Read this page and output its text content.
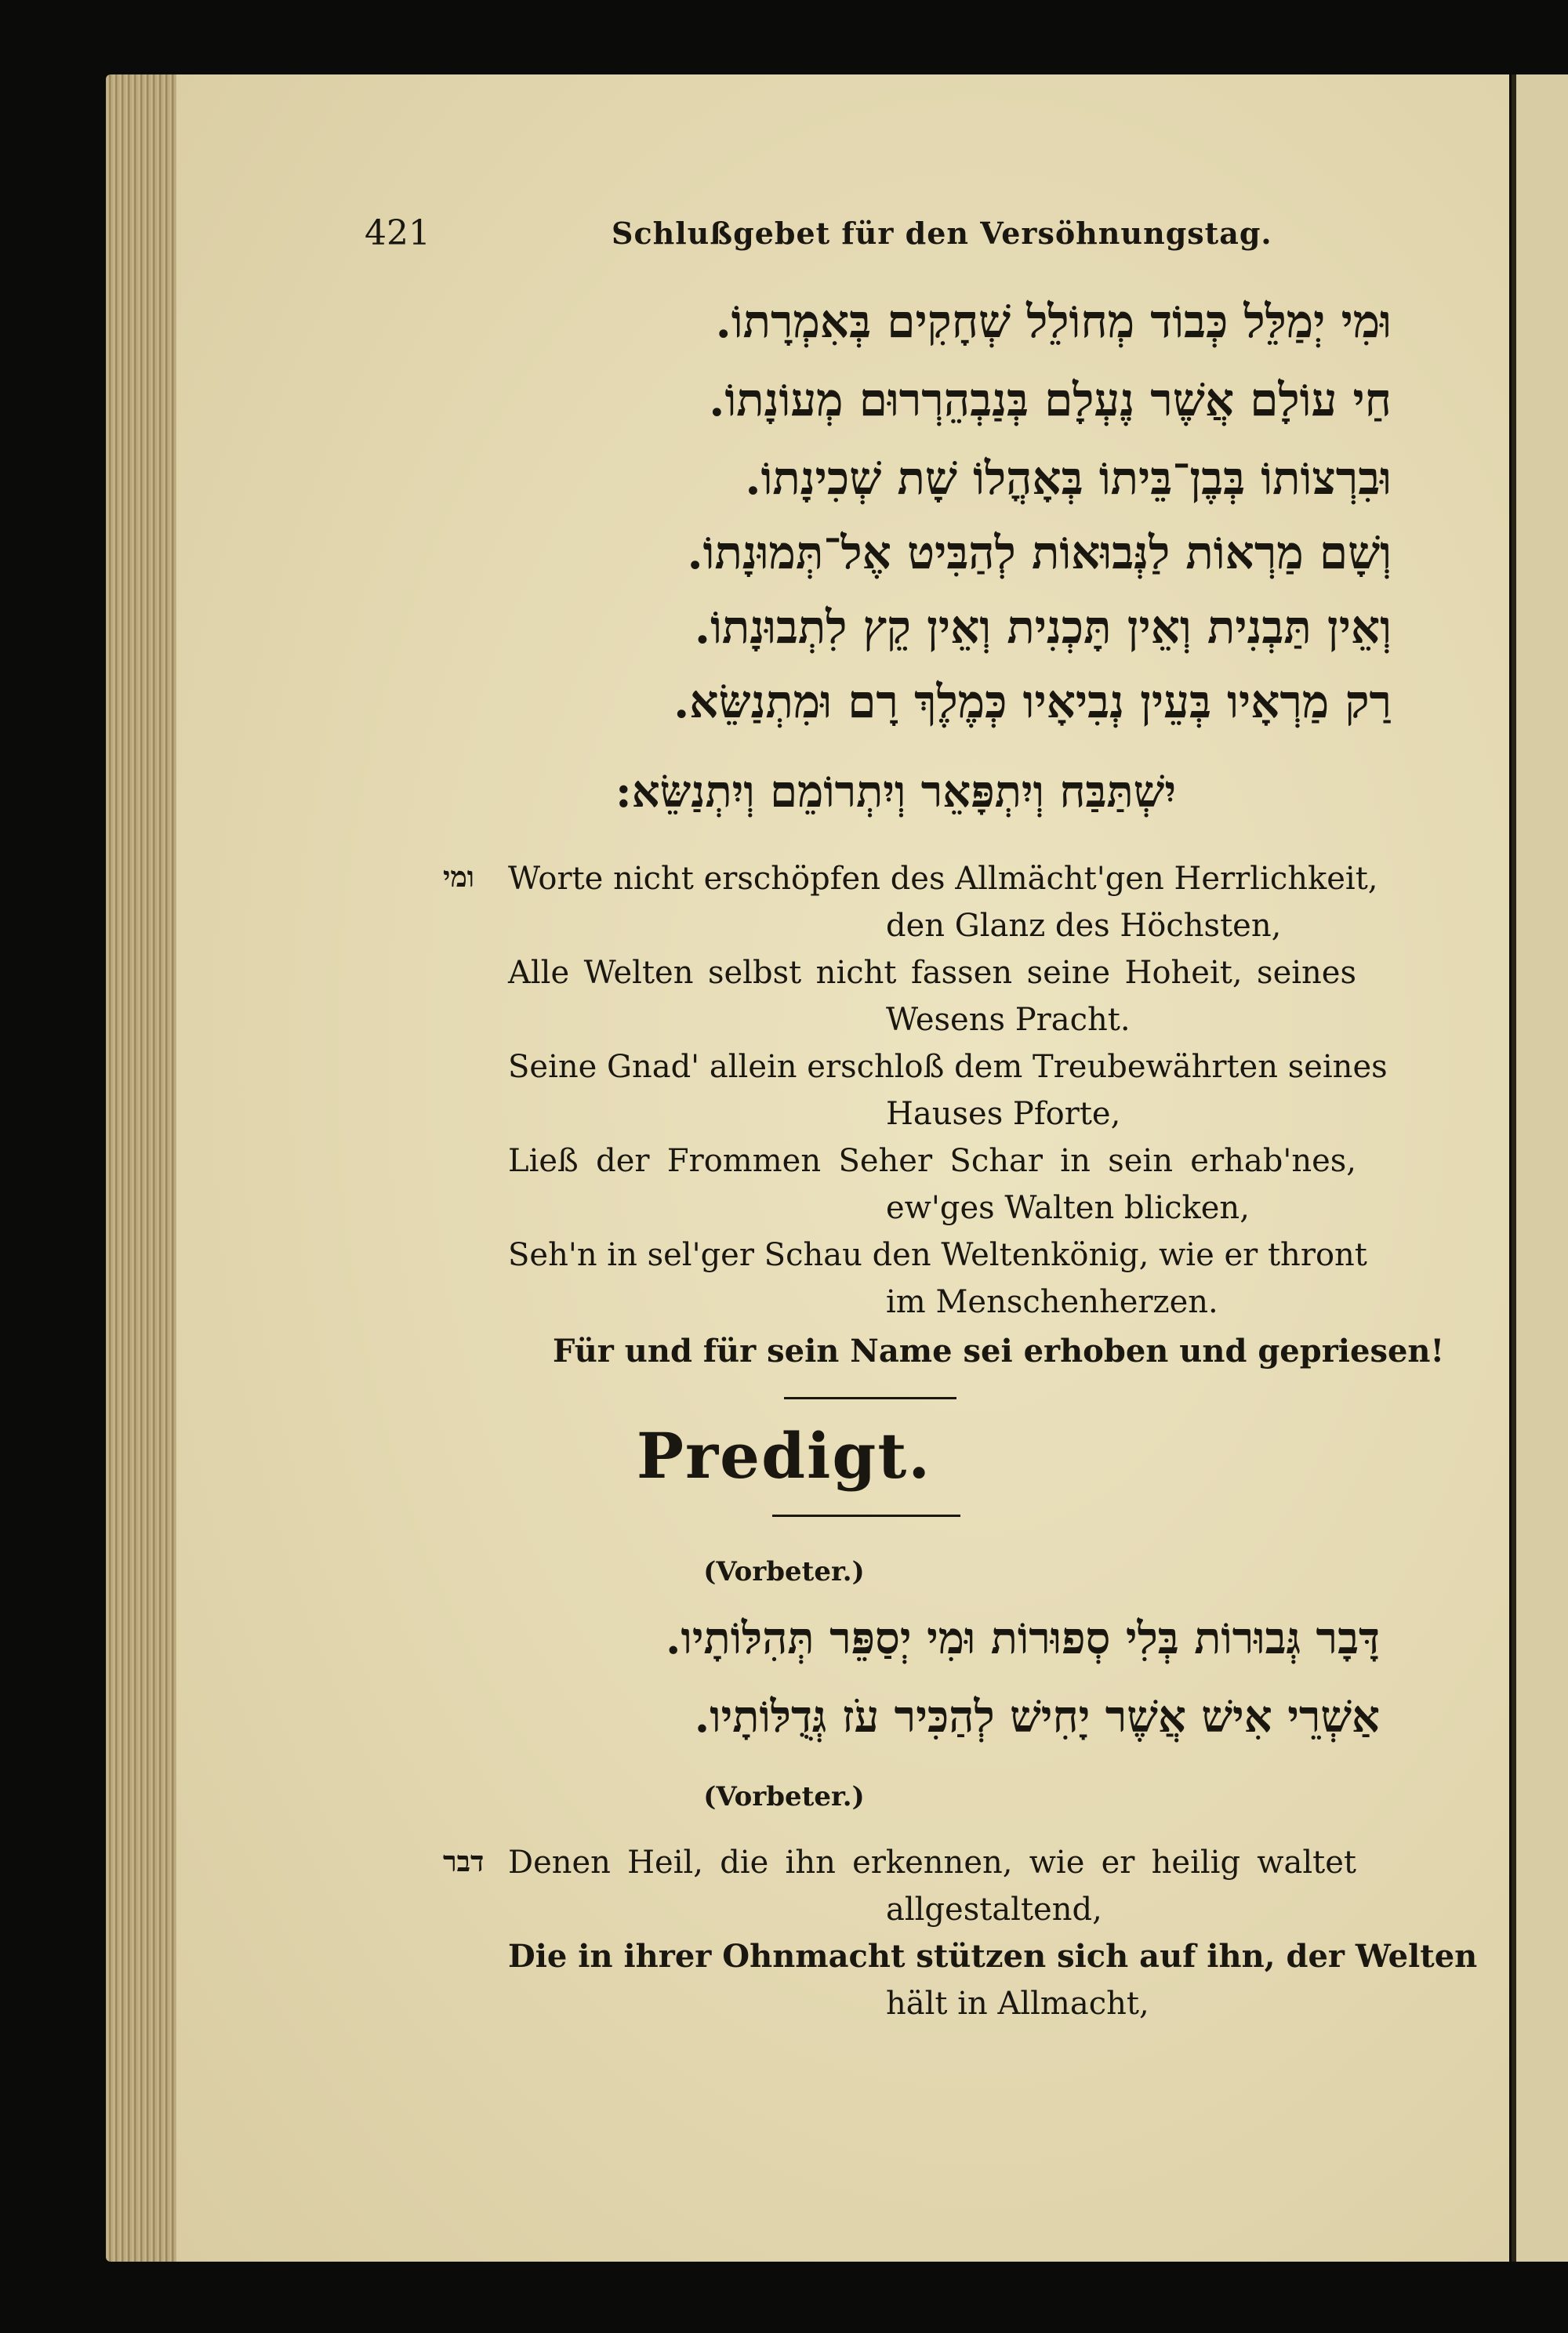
421	Schlußgebet für den Versöhnungstag.
וּמִי יְמַלֵּל כְּבוֹד מְחוֹלֵל שְׁחָקִים בְּאִמְרָתוֹ.
חַי עוֹלָם אֲשֶׁר נֶעְלָם בְּנַבְהֵרְרוּם מְעוֹנָתוֹ.
וּבִרְצוֹתוֹ בְּבֶן־בֵּיתוֹ בְּאָהֳלוֹ שָׁת שְׁכִינָתוֹ.
וְשָׁם מַרְאוֹת לַנְּבוּאוֹת לְהַבִּיט אֶל־תְּמוּנָתוֹ.
וְאֵין תַּבְנִית וְאֵין תָּכְנִית וְאֵין קֵץ לִתְבוּנָתוֹ.
רַק מַרְאָיו בְּעֵין נְבִיאָיו כְּמֶלֶךְ רָם וּמִתְנַשֵּׂא.
יִשְׁתַּבַּח וְיִתְפָּאֵר וְיִתְרוֹמֵם וְיִתְנַשֵּׂא:
ומי Worte nicht erschöpfen des Allmächt'gen Herrlichkeit,
den Glanz des Höchsten,
Alle Welten selbst nicht fassen seine Hoheit, seines
Wesens Pracht.
Seine Gnad' allein erschloß dem Treubewährten seines
Hauses Pforte,
Ließ der Frommen Seher Schar in sein erhab'nes,
ew'ges Walten blicken,
Seh'n in sel'ger Schau den Weltenkönig, wie er thront
im Menschenherzen.
Für und für sein Name sei erhoben und gepriesen!
Predigt.
(Vorbeter.)
דָּבָר גְּבוּרוֹת בְּלִי סְפוּרוֹת וּמִי יְסַפֵּר תְּהִלּוֹתָיו.
אַשְׁרֵי אִישׁ אֲשֶׁר יָחִישׁ לְהַכִּיר עֹז גְּדֻלּוֹתָיו.
(Vorbeter.)
דבר Denen Heil, die ihn erkennen, wie er heilig waltet
allgestaltend,
Die in ihrer Ohnmacht stützen sich auf ihn, der Welten
hält in Allmacht,
